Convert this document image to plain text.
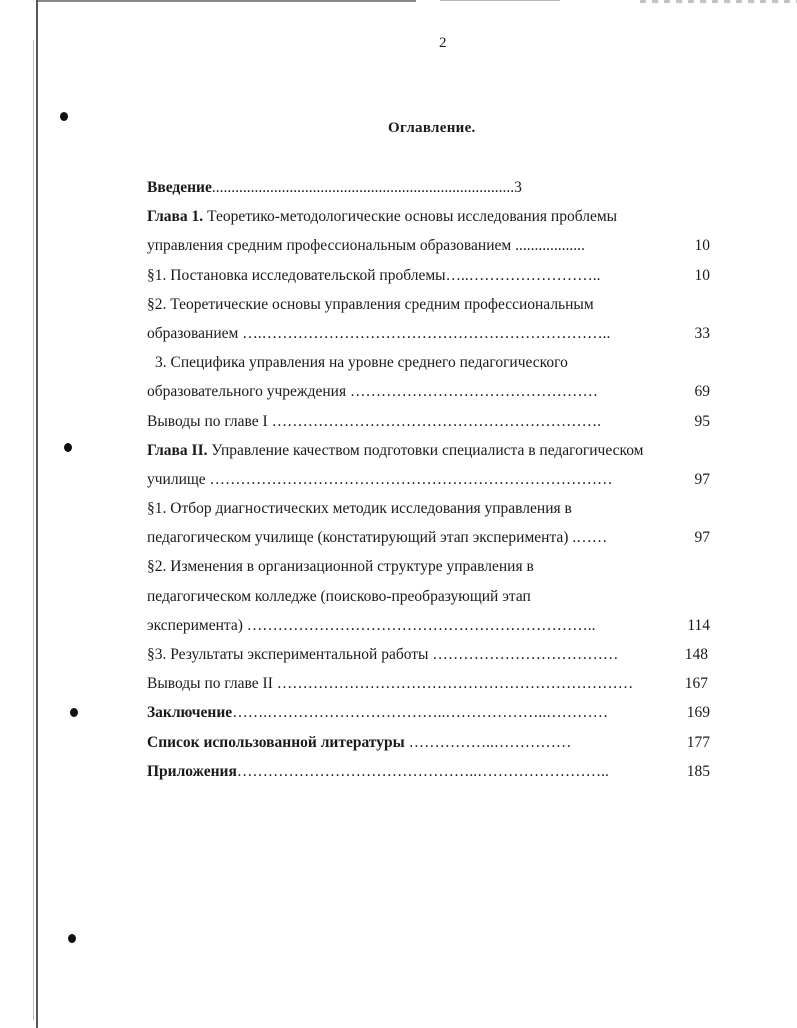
2
Оглавление.
Введение..............................................................................3
Глава 1. Теоретико-методологические основы исследования проблемы
управления средним профессиональным образованием ..................	10
§1. Постановка исследовательской проблемы…..……………………..	10
§2. Теоретические основы управления средним профессиональным
образованием ….…………………………………………………………..	33
3. Специфика управления на уровне среднего педагогического
образовательного учреждения …………………………………………	69
Выводы по главе I ……………………………………………………….	95
Глава II. Управление качеством подготовки специалиста в педагогическом
училище ……………………………………………………………………	97
§1. Отбор диагностических методик исследования управления в
педагогическом училище (констатирующий этап эксперимента) .……	97
§2. Изменения в организационной структуре управления в
педагогическом колледже (поисково-преобразующий этап
эксперимента) …………………………………………………………..	114
§3. Результаты экспериментальной работы ………………………………	148
Выводы по главе II ……………………………………………………………	167
Заключение…….……………………………..………………..…………	169
Список использованной литературы ……………..……………	177
Приложения………………………………………..……………………..	185
